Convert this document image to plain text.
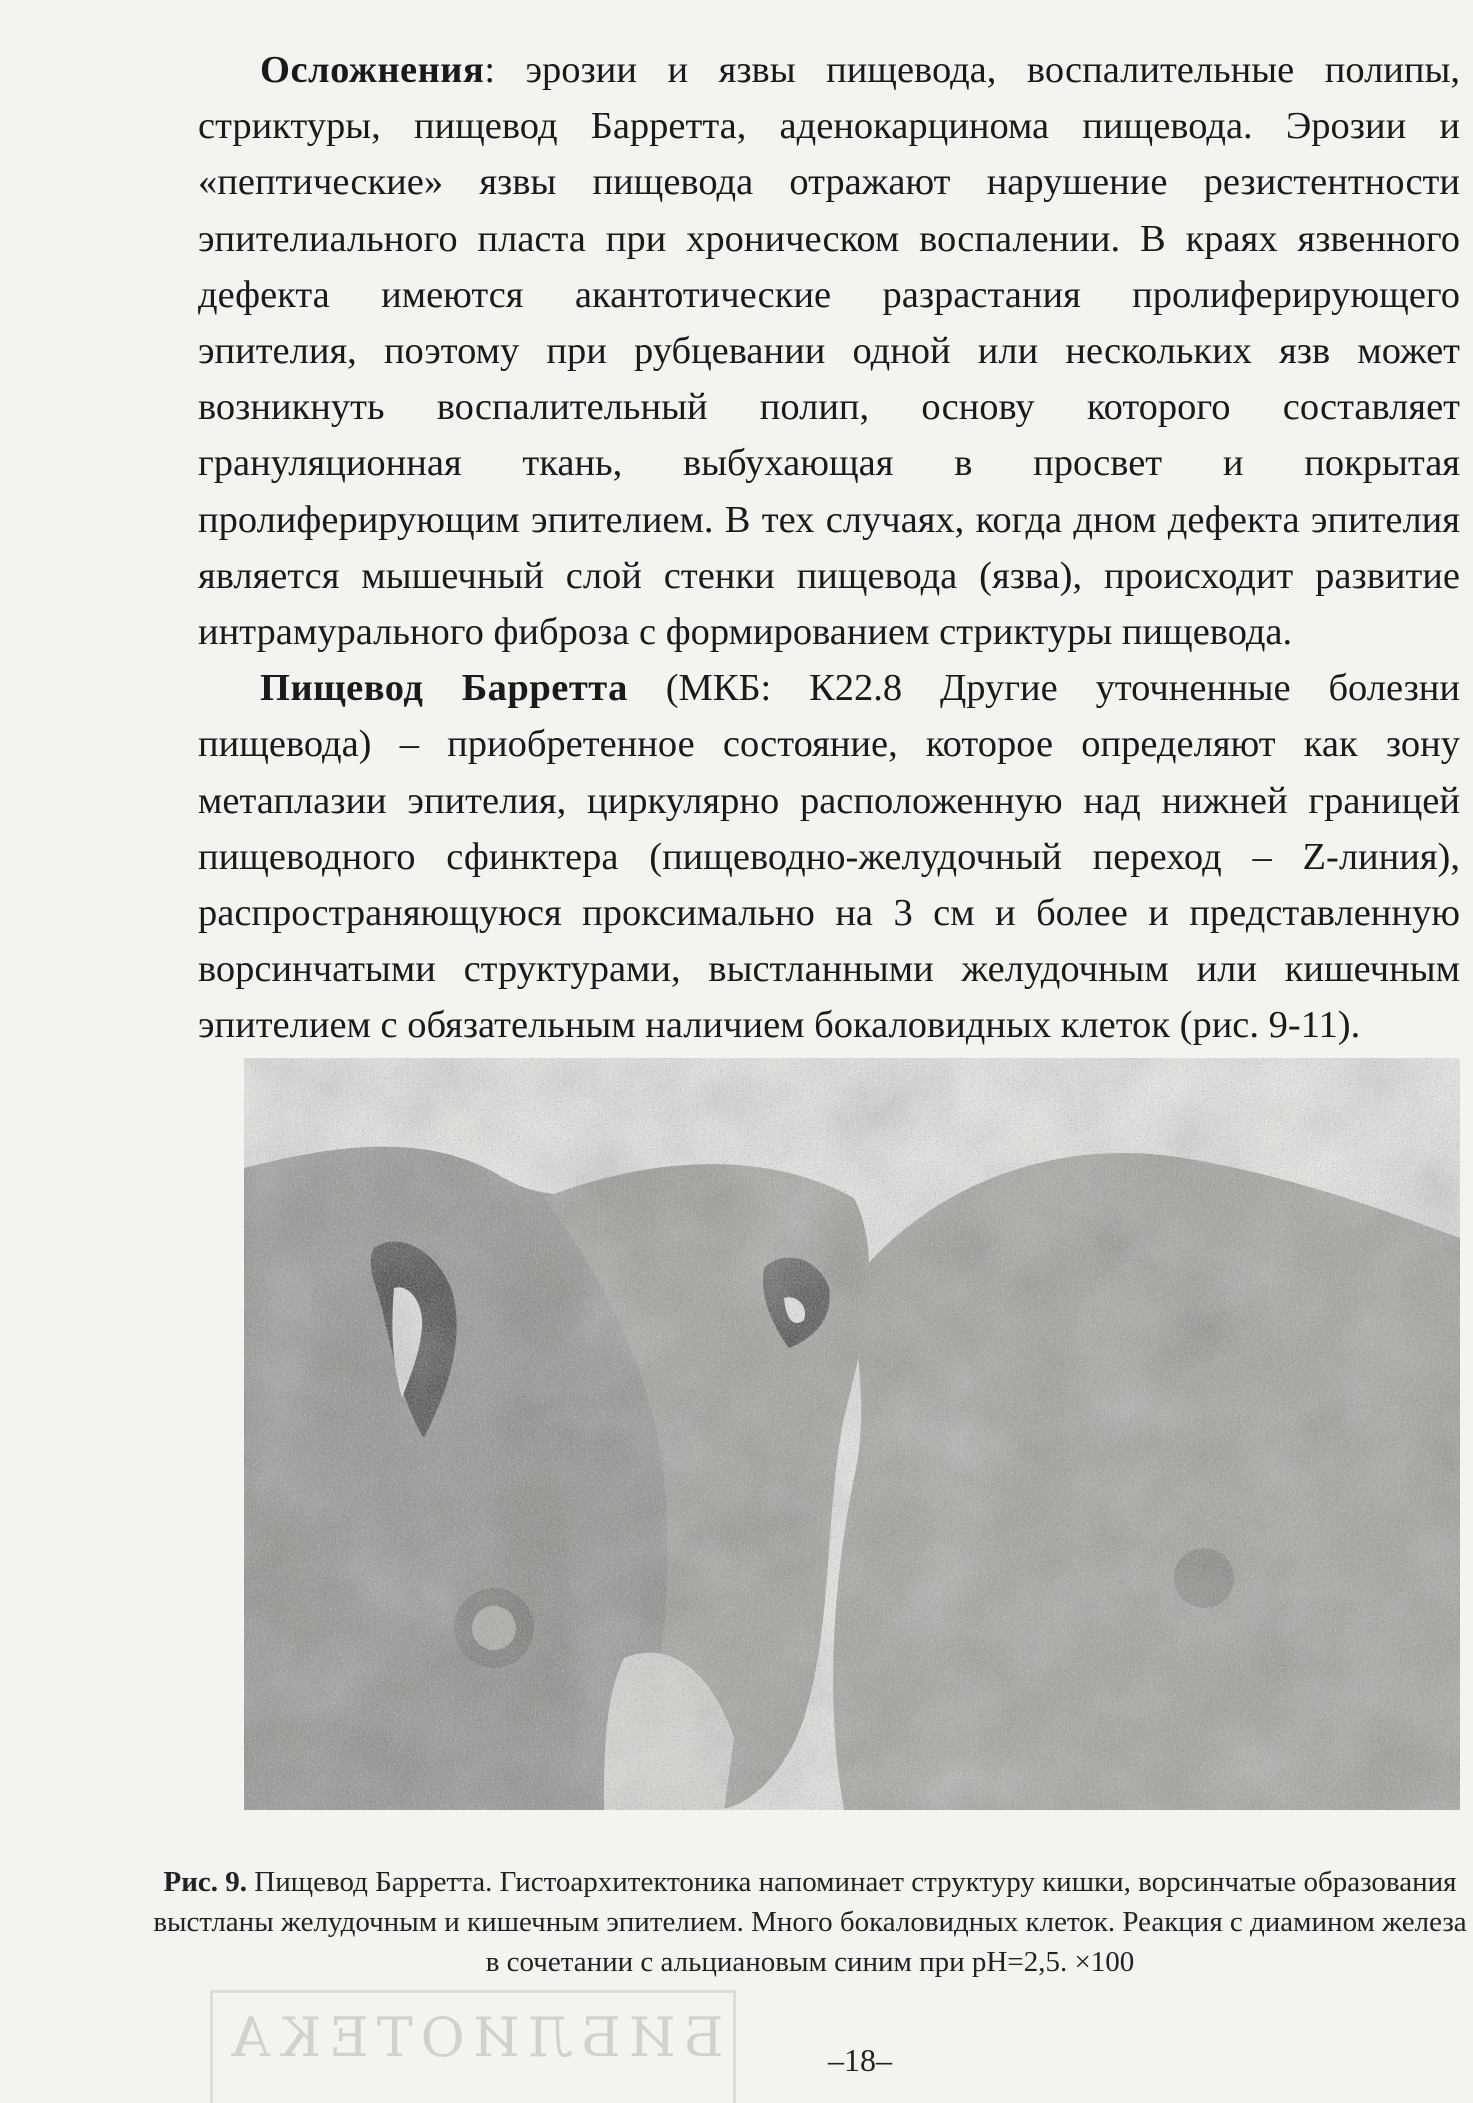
Осложнения: эрозии и язвы пищевода, воспалительные полипы, стриктуры, пищевод Барретта, аденокарцинома пищевода. Эрозии и «пептические» язвы пищевода отражают нарушение резистентности эпителиального пласта при хроническом воспалении. В краях язвенного дефекта имеются акантотические разрастания пролиферирующего эпителия, поэтому при рубцевании одной или нескольких язв может возникнуть воспалительный полип, основу которого составляет грануляционная ткань, выбухающая в просвет и покрытая пролиферирующим эпителием. В тех случаях, когда дном дефекта эпителия является мышечный слой стенки пищевода (язва), происходит развитие интрамурального фиброза с формированием стриктуры пищевода.

Пищевод Барретта (МКБ: К22.8 Другие уточненные болезни пищевода) – приобретенное состояние, которое определяют как зону метаплазии эпителия, циркулярно расположенную над нижней границей пищеводного сфинктера (пищеводно-желудочный переход – Z-линия), распространяющуюся проксимально на 3 см и более и представленную ворсинчатыми структурами, выстланными желудочным или кишечным эпителием с обязательным наличием бокаловидных клеток (рис. 9-11).

Рис. 9. Пищевод Барретта. Гистоархитектоника напоминает структуру кишки, ворсинчатые образования выстланы желудочным и кишечным эпителием. Много бокаловидных клеток. Реакция с диамином железа в сочетании с альциановым синим при рН=2,5. ×100
БИБЛИОТЕКА	–18–
